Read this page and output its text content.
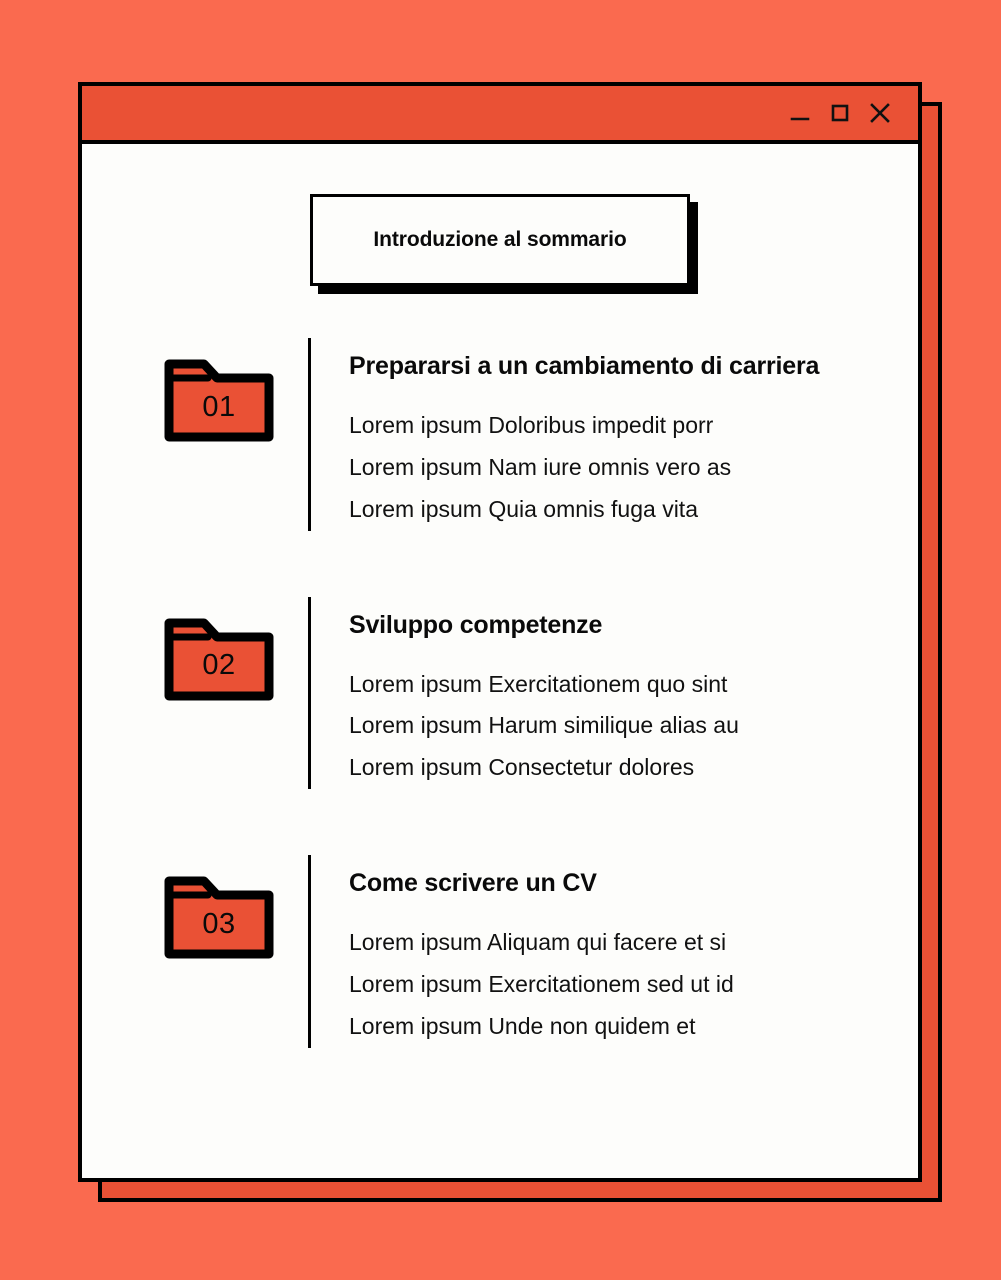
Introduzione al sommario
01
Prepararsi a un cambiamento di carriera
Lorem ipsum Doloribus impedit porr
Lorem ipsum Nam iure omnis vero as
Lorem ipsum Quia omnis fuga vita
02
Sviluppo competenze
Lorem ipsum Exercitationem quo sint
Lorem ipsum Harum similique alias au
Lorem ipsum Consectetur dolores
03
Come scrivere un CV
Lorem ipsum Aliquam qui facere et si
Lorem ipsum Exercitationem sed ut id
Lorem ipsum Unde non quidem et
